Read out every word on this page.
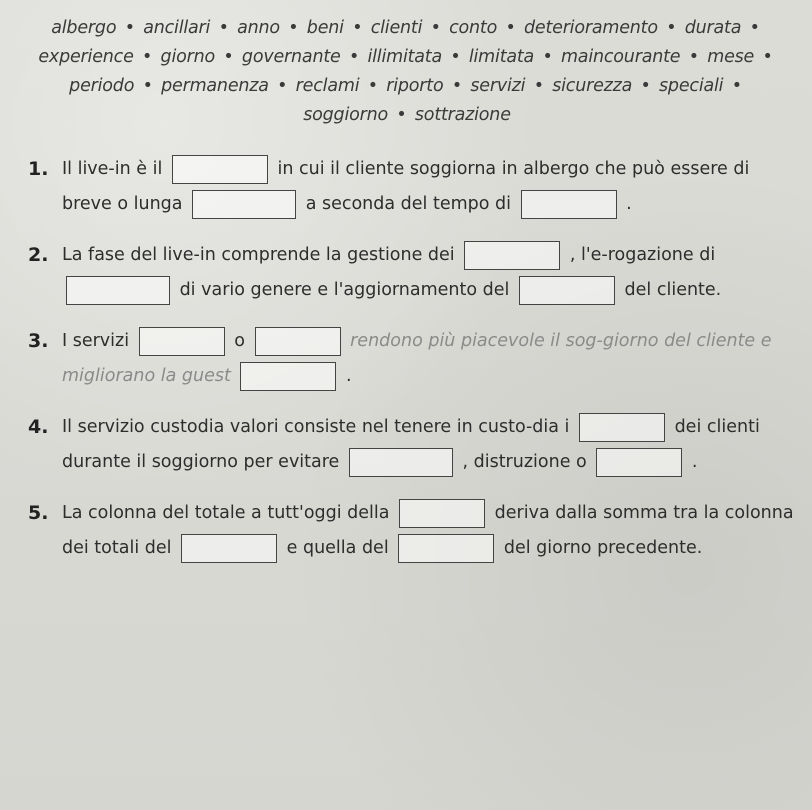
albergo • ancillari • anno • beni • clienti • conto • deterioramento • durata • experience • giorno • governante • illimitata • limitata • maincourante • mese • periodo • permanenza • reclami • riporto • servizi • sicurezza • speciali • soggiorno • sottrazione
1. Il live-in è il	in cui il cliente soggiorna in albergo che può essere di breve o lunga	a seconda del tempo di	.
2. La fase del live-in comprende la gestione dei	, l'e-rogazione di  di vario genere e l'aggiornamento del	del cliente.
3. I servizi	o	rendono più piacevole il sog-giorno del cliente e migliorano la guest	.
4. Il servizio custodia valori consiste nel tenere in custo-dia i	dei clienti durante il soggiorno per evitare	, distruzione o	.
5. La colonna del totale a tutt'oggi della	deriva dalla somma tra la colonna dei totali del	e quella del	del giorno precedente.
